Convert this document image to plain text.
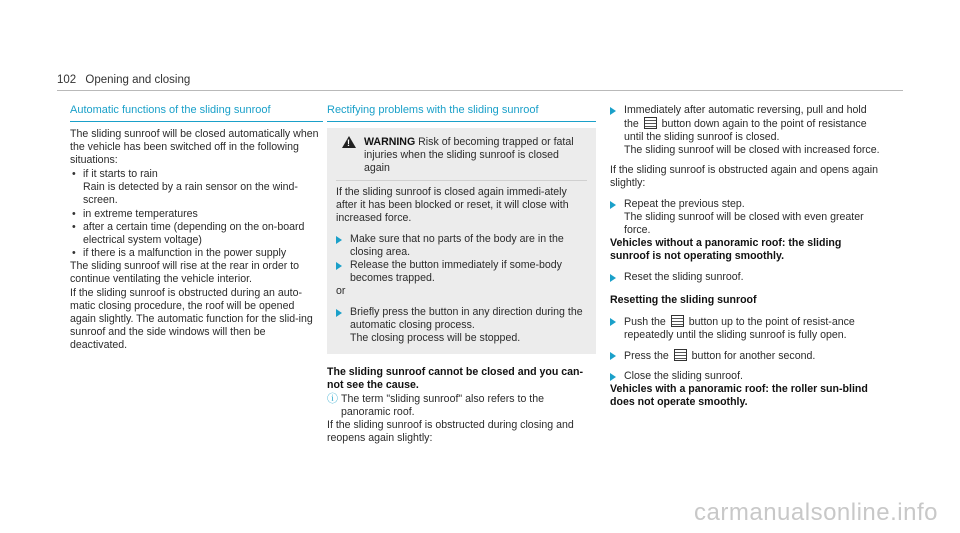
102 Opening and closing
Automatic functions of the sliding sunroof

The sliding sunroof will be closed automatically when the vehicle has been switched off in the following situations:

• if it starts to rain

Rain is detected by a rain sensor on the wind-screen.

• in extreme temperatures
• after a certain time (depending on the on-board electrical system voltage)
• if there is a malfunction in the power supply

The sliding sunroof will rise at the rear in order to continue ventilating the vehicle interior.

If the sliding sunroof is obstructed during an auto-matic closing procedure, the roof will be opened again slightly. The automatic function for the slid-ing sunroof and the side windows will then be deactivated.

Rectifying problems with the sliding sunroof
!
WARNING Risk of becoming trapped or fatal injuries when the sliding sunroof is closed again

If the sliding sunroof is closed again immedi-ately after it has been blocked or reset, it will close with increased force.

Make sure that no parts of the body are in the closing area.
Release the button immediately if some-body becomes trapped.

or

Briefly press the button in any direction during the automatic closing process.
The closing process will be stopped.

The sliding sunroof cannot be closed and you can-not see the cause.

ⓘ The term "sliding sunroof" also refers to the panoramic roof.

If the sliding sunroof is obstructed during closing and reopens again slightly:

Immediately after automatic reversing, pull and hold the button down again to the point of resistance until the sliding sunroof is closed.
The sliding sunroof will be closed with increased force.

If the sliding sunroof is obstructed again and opens again slightly:

Repeat the previous step.
The sliding sunroof will be closed with even greater force.

Vehicles without a panoramic roof: the sliding sunroof is not operating smoothly.

Reset the sliding sunroof.

Resetting the sliding sunroof

Push the button up to the point of resist-ance repeatedly until the sliding sunroof is fully open.
Press the button for another second.
Close the sliding sunroof.

Vehicles with a panoramic roof: the roller sun-blind does not operate smoothly.

carmanualsonline.info
